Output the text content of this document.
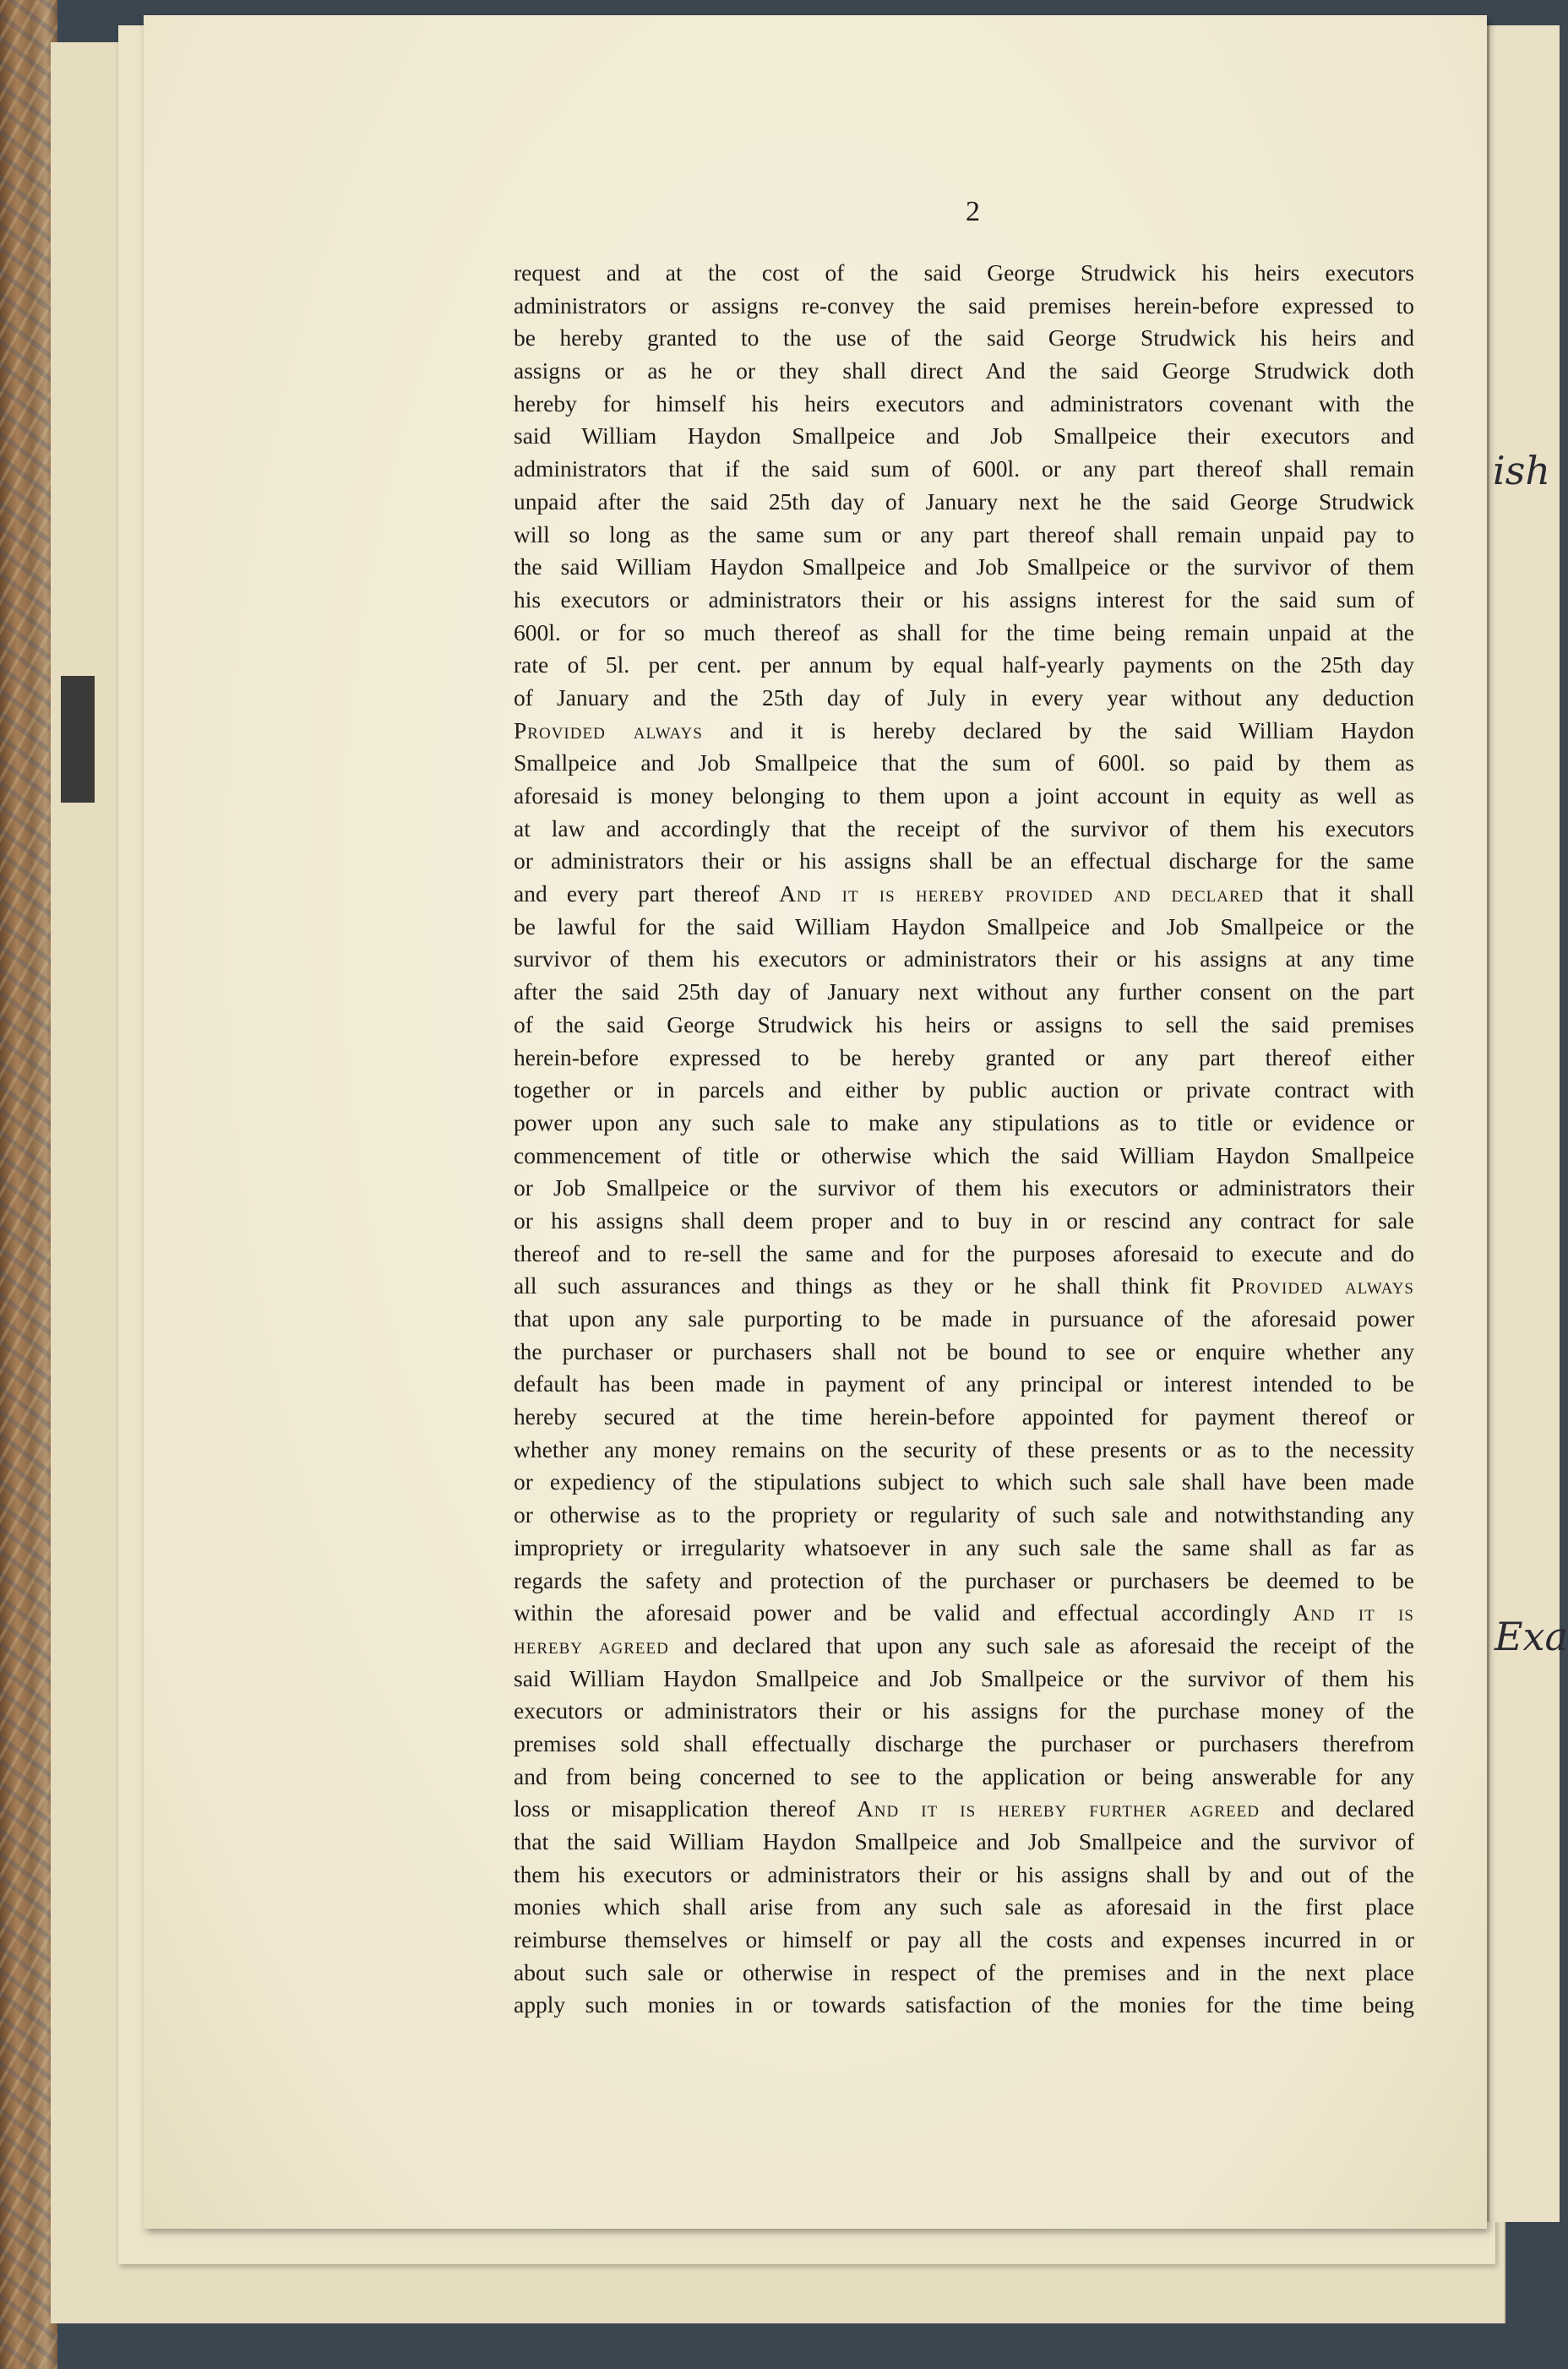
ish
Exa
2
request and at the cost of the said George Strudwick his heirs executors
administrators or assigns re-convey the said premises herein-before expressed to
be hereby granted to the use of the said George Strudwick his heirs and
assigns or as he or they shall direct And the said George Strudwick doth
hereby for himself his heirs executors and administrators covenant with the
said William Haydon Smallpeice and Job Smallpeice their executors and
administrators that if the said sum of 600l. or any part thereof shall remain
unpaid after the said 25th day of January next he the said George Strudwick
will so long as the same sum or any part thereof shall remain unpaid pay to
the said William Haydon Smallpeice and Job Smallpeice or the survivor of them
his executors or administrators their or his assigns interest for the said sum of
600l. or for so much thereof as shall for the time being remain unpaid at the
rate of 5l. per cent. per annum by equal half-yearly payments on the 25th day
of January and the 25th day of July in every year without any deduction
Provided always and it is hereby declared by the said William Haydon
Smallpeice and Job Smallpeice that the sum of 600l. so paid by them as
aforesaid is money belonging to them upon a joint account in equity as well as
at law and accordingly that the receipt of the survivor of them his executors
or administrators their or his assigns shall be an effectual discharge for the same
and every part thereof And it is hereby provided and declared that it shall
be lawful for the said William Haydon Smallpeice and Job Smallpeice or the
survivor of them his executors or administrators their or his assigns at any time
after the said 25th day of January next without any further consent on the part
of the said George Strudwick his heirs or assigns to sell the said premises
herein-before expressed to be hereby granted or any part thereof either
together or in parcels and either by public auction or private contract with
power upon any such sale to make any stipulations as to title or evidence or
commencement of title or otherwise which the said William Haydon Smallpeice
or Job Smallpeice or the survivor of them his executors or administrators their
or his assigns shall deem proper and to buy in or rescind any contract for sale
thereof and to re-sell the same and for the purposes aforesaid to execute and do
all such assurances and things as they or he shall think fit Provided always
that upon any sale purporting to be made in pursuance of the aforesaid power
the purchaser or purchasers shall not be bound to see or enquire whether any
default has been made in payment of any principal or interest intended to be
hereby secured at the time herein-before appointed for payment thereof or
whether any money remains on the security of these presents or as to the necessity
or expediency of the stipulations subject to which such sale shall have been made
or otherwise as to the propriety or regularity of such sale and notwithstanding any
impropriety or irregularity whatsoever in any such sale the same shall as far as
regards the safety and protection of the purchaser or purchasers be deemed to be
within the aforesaid power and be valid and effectual accordingly And it is
hereby agreed and declared that upon any such sale as aforesaid the receipt of the
said William Haydon Smallpeice and Job Smallpeice or the survivor of them his
executors or administrators their or his assigns for the purchase money of the
premises sold shall effectually discharge the purchaser or purchasers therefrom
and from being concerned to see to the application or being answerable for any
loss or misapplication thereof And it is hereby further agreed and declared
that the said William Haydon Smallpeice and Job Smallpeice and the survivor of
them his executors or administrators their or his assigns shall by and out of the
monies which shall arise from any such sale as aforesaid in the first place
reimburse themselves or himself or pay all the costs and expenses incurred in or
about such sale or otherwise in respect of the premises and in the next place
apply such monies in or towards satisfaction of the monies for the time being
